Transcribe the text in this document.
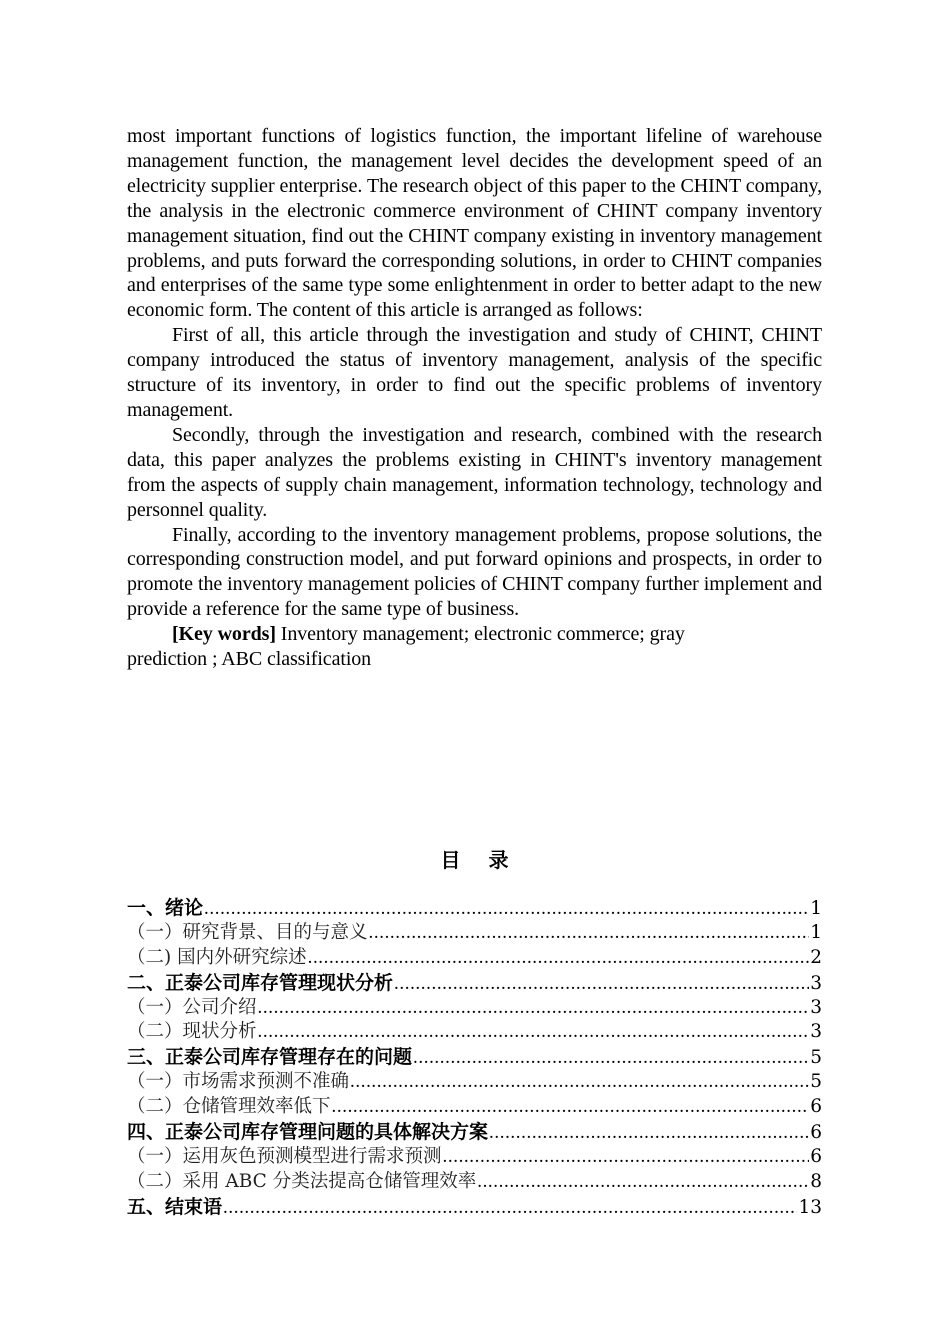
most important functions of logistics function, the important lifeline of warehouse management function, the management level decides the development speed of an electricity supplier enterprise. The research object of this paper to the CHINT company, the analysis in the electronic commerce environment of CHINT company inventory management situation, find out the CHINT company existing in inventory management problems, and puts forward the corresponding solutions, in order to CHINT companies and enterprises of the same type some enlightenment in order to better adapt to the new economic form. The content of this article is arranged as follows:

First of all, this article through the investigation and study of CHINT, CHINT company introduced the status of inventory management, analysis of the specific structure of its inventory, in order to find out the specific problems of inventory management.

Secondly, through the investigation and research, combined with the research data, this paper analyzes the problems existing in CHINT's inventory management from the aspects of supply chain management, information technology, technology and personnel quality.

Finally, according to the inventory management problems, propose solutions, the corresponding construction model, and put forward opinions and prospects, in order to promote the inventory management policies of CHINT company further implement and provide a reference for the same type of business.

[Key words] Inventory management; electronic commerce; gray

prediction ; ABC classification

目录
一、绪论 .....	1
（一）研究背景、目的与意义 .....	1
（二) 国内外研究综述 .....	2
二、正泰公司库存管理现状分析 .....	3
（一）公司介绍 .....	3
（二）现状分析 .....	3
三、正泰公司库存管理存在的问题 .....	5
（一）市场需求预测不准确 .....	5
（二）仓储管理效率低下 .....	6
四、正泰公司库存管理问题的具体解决方案 .....	6
（一）运用灰色预测模型进行需求预测 .....	6
（二）采用 ABC 分类法提高仓储管理效率 .....	8
五、结束语 .....	13
